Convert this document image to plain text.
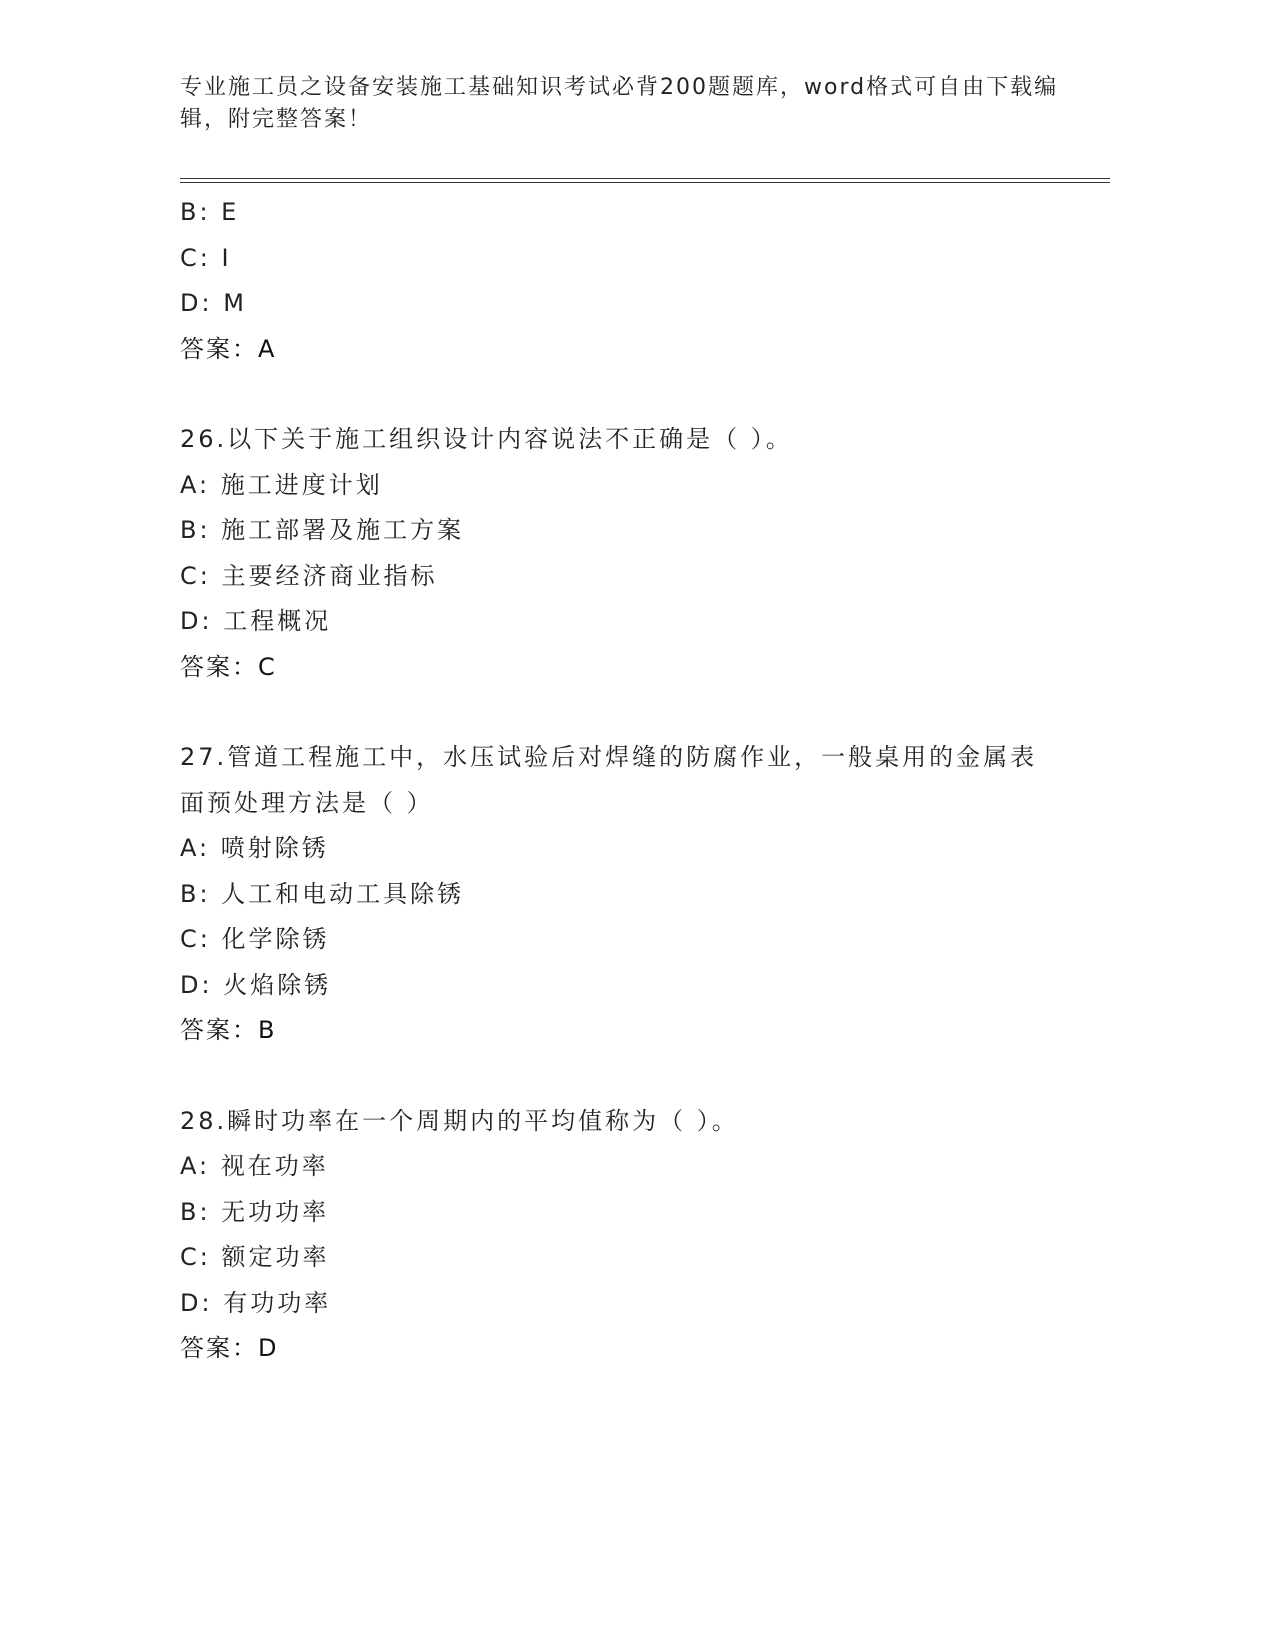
专业施工员之设备安装施工基础知识考试必背200题题库，word格式可自由下载编辑，附完整答案！
B: E
C: I
D: M
答案：A
26.以下关于施工组织设计内容说法不正确是（ ）。
A: 施工进度计划
B: 施工部署及施工方案
C: 主要经济商业指标
D: 工程概况
答案：C
27.管道工程施工中，水压试验后对焊缝的防腐作业，一般桌用的金属表面预处理方法是（ ）
A: 喷射除锈
B: 人工和电动工具除锈
C: 化学除锈
D: 火焰除锈
答案：B
28.瞬时功率在一个周期内的平均值称为（ ）。
A: 视在功率
B: 无功功率
C: 额定功率
D: 有功功率
答案：D
